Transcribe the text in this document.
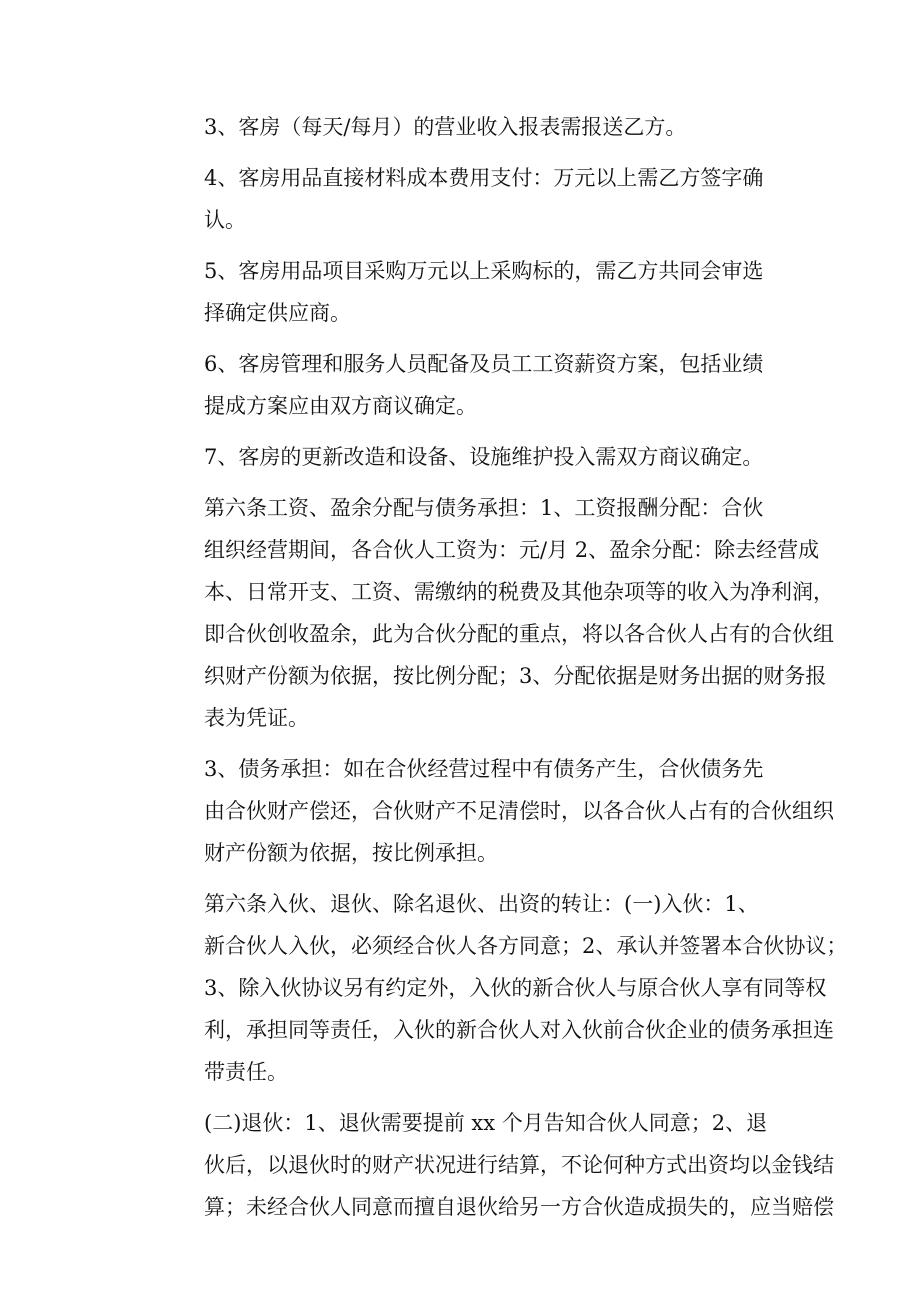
3、客房（每天/每月）的营业收入报表需报送乙方。

4、客房用品直接材料成本费用支付：万元以上需乙方签字确
认。

5、客房用品项目采购万元以上采购标的，需乙方共同会审选
择确定供应商。

6、客房管理和服务人员配备及员工工资薪资方案，包括业绩
提成方案应由双方商议确定。

7、客房的更新改造和设备、设施维护投入需双方商议确定。

第六条工资、盈余分配与债务承担：1、工资报酬分配：合伙
组织经营期间，各合伙人工资为：元/月 2、盈余分配：除去经营成
本、日常开支、工资、需缴纳的税费及其他杂项等的收入为净利润，
即合伙创收盈余，此为合伙分配的重点，将以各合伙人占有的合伙组
织财产份额为依据，按比例分配；3、分配依据是财务出据的财务报
表为凭证。

3、债务承担：如在合伙经营过程中有债务产生，合伙债务先
由合伙财产偿还，合伙财产不足清偿时，以各合伙人占有的合伙组织
财产份额为依据，按比例承担。

第六条入伙、退伙、除名退伙、出资的转让：(一)入伙：1、
新合伙人入伙，必须经合伙人各方同意；2、承认并签署本合伙协议；
3、除入伙协议另有约定外，入伙的新合伙人与原合伙人享有同等权
利，承担同等责任，入伙的新合伙人对入伙前合伙企业的债务承担连
带责任。

(二)退伙：1、退伙需要提前 xx 个月告知合伙人同意；2、退
伙后，以退伙时的财产状况进行结算，不论何种方式出资均以金钱结
算；未经合伙人同意而擅自退伙给另一方合伙造成损失的，应当赔偿
